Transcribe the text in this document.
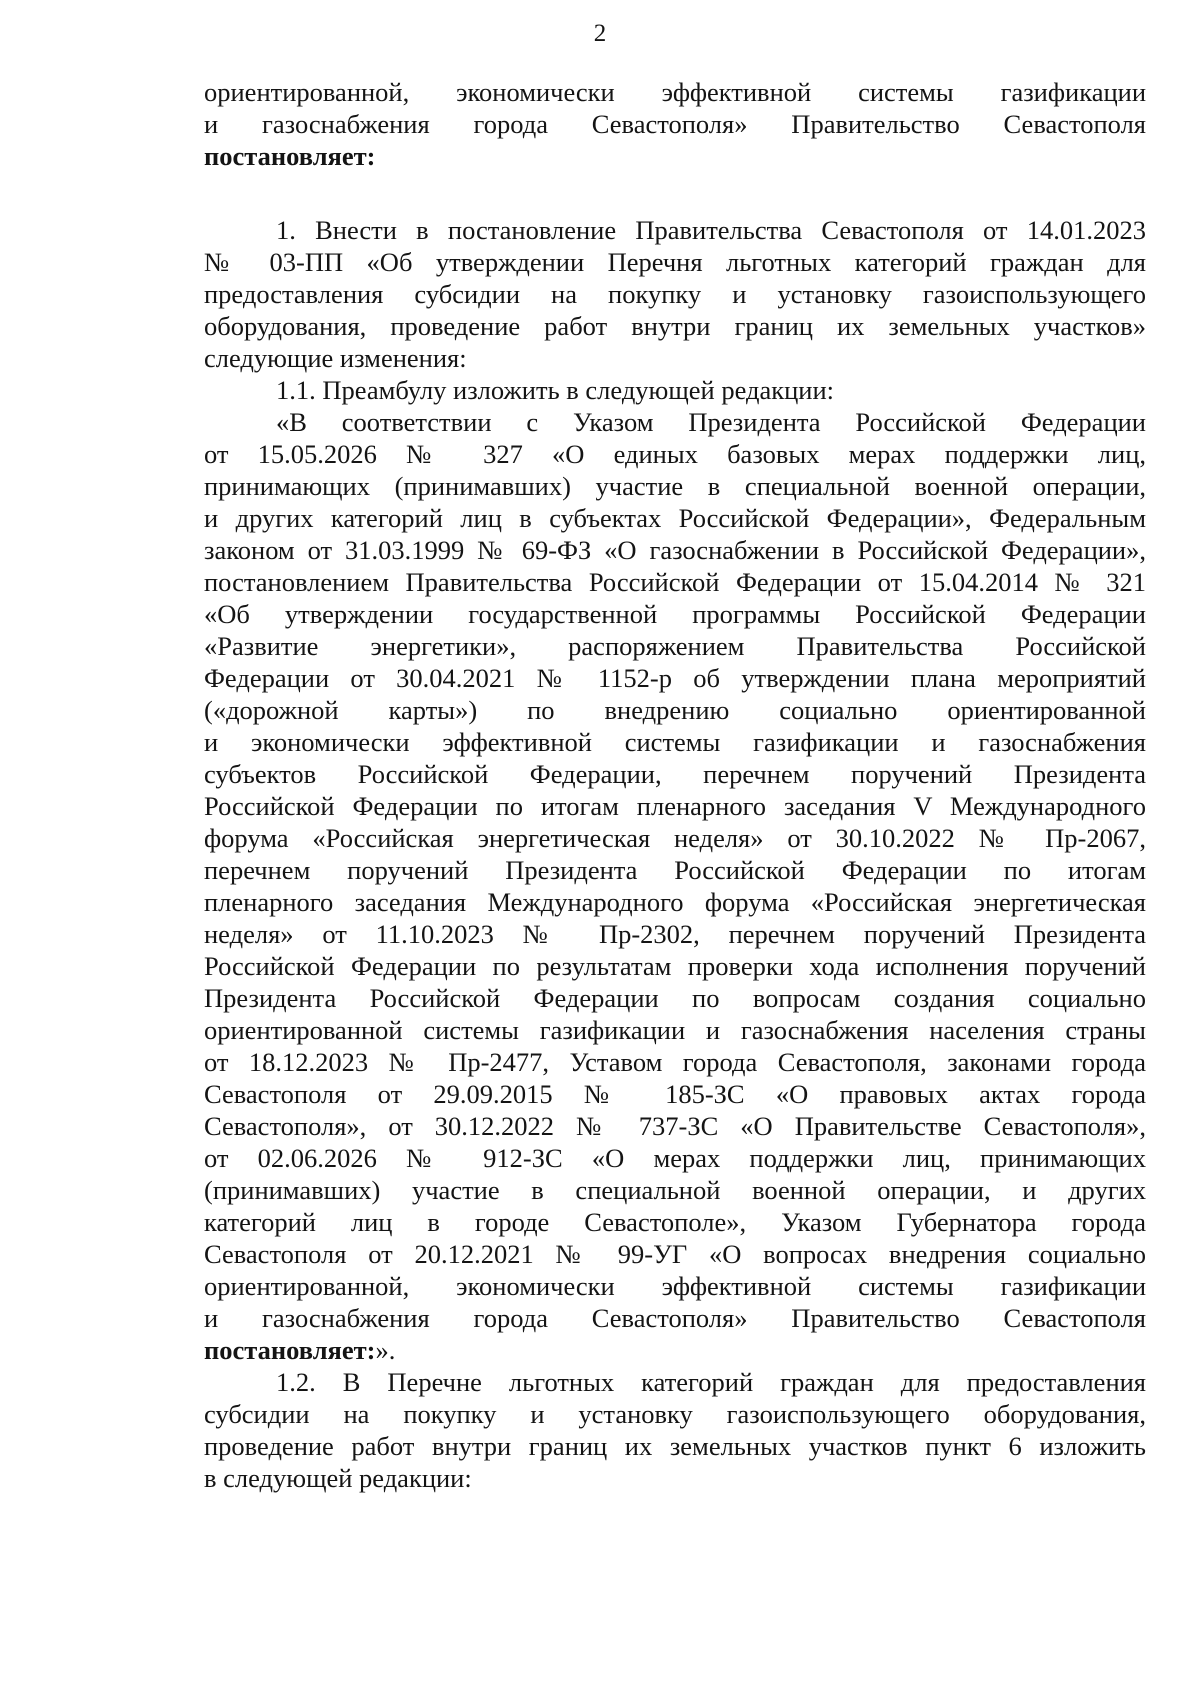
2
ориентированной, экономически эффективной системы газификации
и газоснабжения города Севастополя» Правительство Севастополя
постановляет:
1. Внести в постановление Правительства Севастополя от 14.01.2023
№ 03-ПП «Об утверждении Перечня льготных категорий граждан для
предоставления субсидии на покупку и установку газоиспользующего
оборудования, проведение работ внутри границ их земельных участков»
следующие изменения:
1.1. Преамбулу изложить в следующей редакции:
«В соответствии с Указом Президента Российской Федерации
от 15.05.2026 № 327 «О единых базовых мерах поддержки лиц,
принимающих (принимавших) участие в специальной военной операции,
и других категорий лиц в субъектах Российской Федерации», Федеральным
законом от 31.03.1999 № 69-ФЗ «О газоснабжении в Российской Федерации»,
постановлением Правительства Российской Федерации от 15.04.2014 № 321
«Об утверждении государственной программы Российской Федерации
«Развитие энергетики», распоряжением Правительства Российской
Федерации от 30.04.2021 № 1152-р об утверждении плана мероприятий
(«дорожной карты») по внедрению социально ориентированной
и экономически эффективной системы газификации и газоснабжения
субъектов Российской Федерации, перечнем поручений Президента
Российской Федерации по итогам пленарного заседания V Международного
форума «Российская энергетическая неделя» от 30.10.2022 № Пр-2067,
перечнем поручений Президента Российской Федерации по итогам
пленарного заседания Международного форума «Российская энергетическая
неделя» от 11.10.2023 № Пр-2302, перечнем поручений Президента
Российской Федерации по результатам проверки хода исполнения поручений
Президента Российской Федерации по вопросам создания социально
ориентированной системы газификации и газоснабжения населения страны
от 18.12.2023 № Пр-2477, Уставом города Севастополя, законами города
Севастополя от 29.09.2015 № 185-ЗС «О правовых актах города
Севастополя», от 30.12.2022 № 737-ЗС «О Правительстве Севастополя»,
от 02.06.2026 № 912-ЗС «О мерах поддержки лиц, принимающих
(принимавших) участие в специальной военной операции, и других
категорий лиц в городе Севастополе», Указом Губернатора города
Севастополя от 20.12.2021 № 99-УГ «О вопросах внедрения социально
ориентированной, экономически эффективной системы газификации
и газоснабжения города Севастополя» Правительство Севастополя
постановляет:».
1.2. В Перечне льготных категорий граждан для предоставления
субсидии на покупку и установку газоиспользующего оборудования,
проведение работ внутри границ их земельных участков пункт 6 изложить
в следующей редакции:
